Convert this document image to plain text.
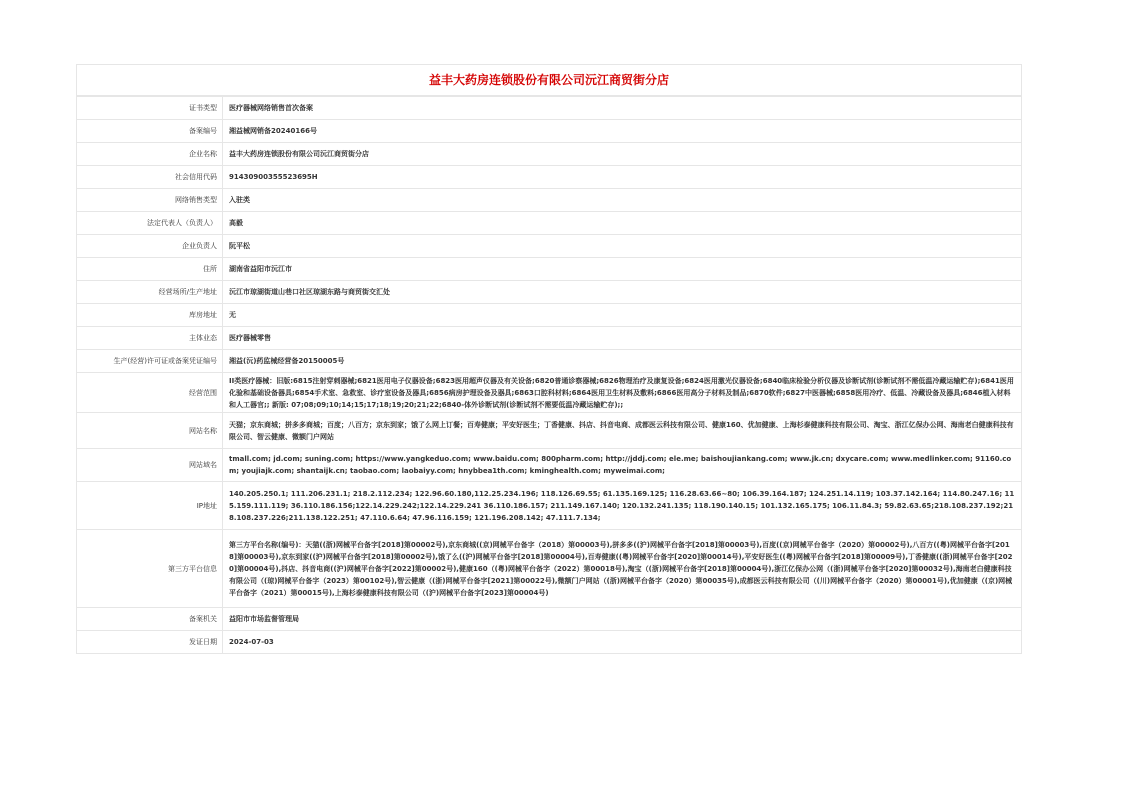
益丰大药房连锁股份有限公司沅江商贸街分店
证书类型	医疗器械网络销售首次备案
备案编号	湘益械网销备20240166号
企业名称	益丰大药房连锁股份有限公司沅江商贸街分店
社会信用代码	91430900355523695H
网络销售类型	入驻类
法定代表人（负责人）	高毅
企业负责人	阮平松
住所	湖南省益阳市沅江市
经营场所/生产地址	沅江市琼湖街道山巷口社区琼湖东路与商贸街交汇处
库房地址	无
主体业态	医疗器械零售
生产(经营)许可证或备案凭证编号	湘益(沅)药监械经营备20150005号
经营范围	II类医疗器械：旧版:6815注射穿刺器械;6821医用电子仪器设备;6823医用超声仪器及有关设备;6820普通诊察器械;6826物理治疗及康复设备;6824医用激光仪器设备;6840临床检验分析仪器及诊断试剂(诊断试剂不需低温冷藏运输贮存);6841医用化验和基础设备器具;6854手术室、急救室、诊疗室设备及器具;6856病房护理设备及器具;6863口腔科材料;6864医用卫生材料及敷料;6866医用高分子材料及制品;6870软件;6827中医器械;6858医用冷疗、低温、冷藏设备及器具;6846植入材料和人工器官;; 新版: 07;08;09;10;14;15;17;18;19;20;21;22;6840-体外诊断试剂(诊断试剂不需要低温冷藏运输贮存);;
网站名称	天猫；京东商城；拼多多商城；百度；八百方；京东到家；饿了么网上订餐；百寿健康；平安好医生；丁香健康、抖店、抖音电商、成都医云科技有限公司、健康160、优加健康、上海杉泰健康科技有限公司、淘宝、浙江亿保办公网、海南老白健康科技有限公司、智云健康、微额门户网站
网站域名	tmall.com; jd.com; suning.com; https://www.yangkeduo.com; www.baidu.com; 800pharm.com; http://jddj.com; ele.me; baishoujiankang.com; www.jk.cn; dxycare.com; www.medlinker.com; 91160.com; youjiajk.com; shantaijk.cn; taobao.com; laobaiyy.com; hnybbea1th.com; kminghealth.com; myweimai.com;
IP地址	140.205.250.1; 111.206.231.1; 218.2.112.234; 122.96.60.180,112.25.234.196; 118.126.69.55; 61.135.169.125; 116.28.63.66~80; 106.39.164.187; 124.251.14.119; 103.37.142.164; 114.80.247.16; 115.159.111.119; 36.110.186.156;122.14.229.242;122.14.229.241 36.110.186.157; 211.149.167.140; 120.132.241.135; 118.190.140.15; 101.132.165.175; 106.11.84.3; 59.82.63.65;218.108.237.192;218.108.237.226;211.138.122.251; 47.110.6.64; 47.96.116.159; 121.196.208.142; 47.111.7.134;
第三方平台信息	第三方平台名称(编号)：天猫((浙)网械平台备字[2018]第00002号),京东商城((京)网械平台备字（2018）第00003号),拼多多((沪)网械平台备字[2018]第00003号),百度((京)网械平台备字（2020）第00002号),八百方((粤)网械平台备字[2018]第00003号),京东到家((沪)网械平台备字[2018]第00002号),饿了么((沪)网械平台备字[2018]第00004号),百寿健康((粤)网械平台备字[2020]第00014号),平安好医生((粤)网械平台备字[2018]第00009号),丁香健康((浙)网械平台备字[2020]第00004号),抖店、抖音电商((沪)网械平台备字[2022]第00002号),健康160（(粤)网械平台备字（2022）第00018号),淘宝（(浙)网械平台备字[2018]第00004号),浙江亿保办公网（(浙)网械平台备字[2020]第00032号),海南老白健康科技有限公司（(琼)网械平台备字（2023）第00102号),智云健康（(浙)网械平台备字[2021]第00022号),微额门户网站（(浙)网械平台备字（2020）第00035号),成都医云科技有限公司（(川)网械平台备字（2020）第00001号),优加健康（(京)网械平台备字（2021）第00015号),上海杉泰健康科技有限公司（(沪)网械平台备字[2023]第00004号)
备案机关	益阳市市场监督管理局
发证日期	2024-07-03
